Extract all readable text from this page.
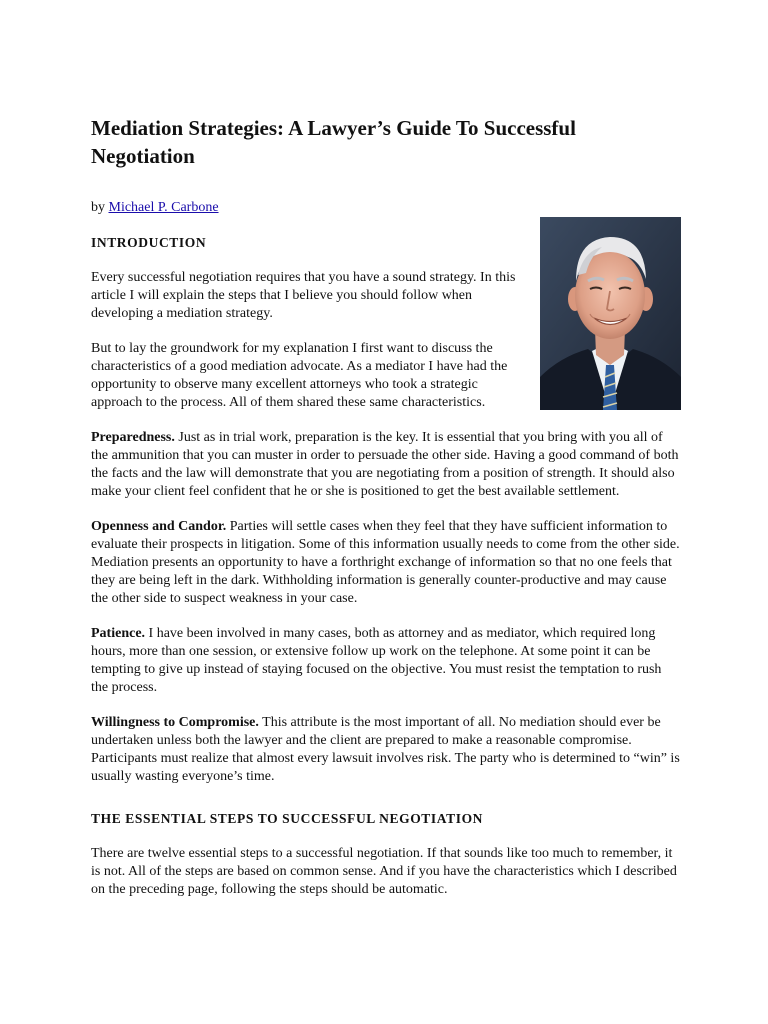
Mediation Strategies: A Lawyer’s Guide To Successful Negotiation
by Michael P. Carbone
INTRODUCTION

Every successful negotiation requires that you have a sound strategy. In this article I will explain the steps that I believe you should follow when developing a mediation strategy.

But to lay the groundwork for my explanation I first want to discuss the characteristics of a good mediation advocate. As a mediator I have had the opportunity to observe many excellent attorneys who took a strategic approach to the process. All of them shared these same characteristics.

Preparedness. Just as in trial work, preparation is the key. It is essential that you bring with you all of the ammunition that you can muster in order to persuade the other side. Having a good command of both the facts and the law will demonstrate that you are negotiating from a position of strength. It should also make your client feel confident that he or she is positioned to get the best available settlement.

Openness and Candor. Parties will settle cases when they feel that they have sufficient information to evaluate their prospects in litigation. Some of this information usually needs to come from the other side. Mediation presents an opportunity to have a forthright exchange of information so that no one feels that they are being left in the dark. Withholding information is generally counter-productive and may cause the other side to suspect weakness in your case.

Patience. I have been involved in many cases, both as attorney and as mediator, which required long hours, more than one session, or extensive follow up work on the telephone. At some point it can be tempting to give up instead of staying focused on the objective. You must resist the temptation to rush the process.

Willingness to Compromise. This attribute is the most important of all. No mediation should ever be undertaken unless both the lawyer and the client are prepared to make a reasonable compromise. Participants must realize that almost every lawsuit involves risk. The party who is determined to “win” is usually wasting everyone’s time.

THE ESSENTIAL STEPS TO SUCCESSFUL NEGOTIATION

There are twelve essential steps to a successful negotiation. If that sounds like too much to remember, it is not. All of the steps are based on common sense. And if you have the characteristics which I described on the preceding page, following the steps should be automatic.
